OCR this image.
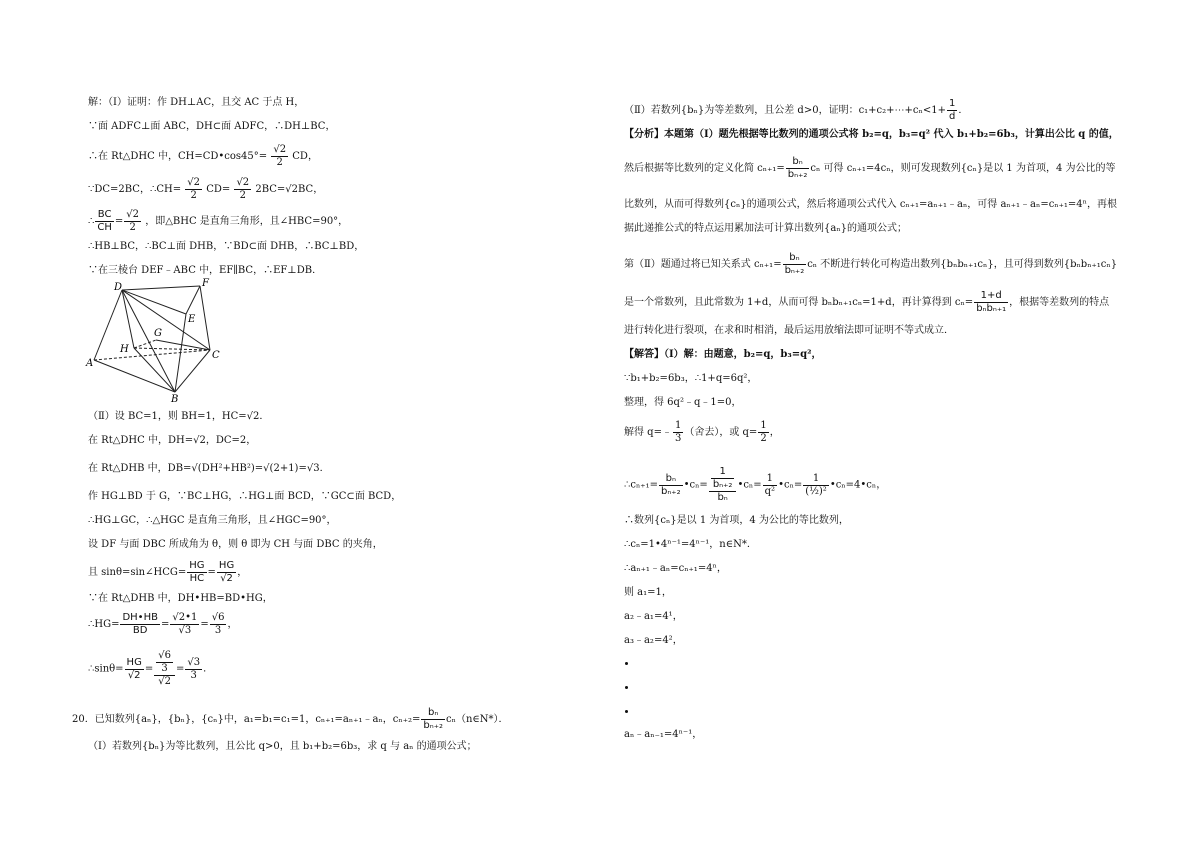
解：（Ⅰ）证明：作 DH⊥AC，且交 AC 于点 H，
∵面 ADFC⊥面 ABC，DH⊂面 ADFC，∴DH⊥BC，
∴在 Rt△DHC 中，CH=CD•cos45°= $\frac{√2}{2}$ CD，
∵DC=2BC，∴CH= $\frac{√2}{2} CD= \frac{√2}{2} 2BC=√2BC$，
∴ $\frac{BC}{CH} = \frac{√2}{2}$ ，即△BHC 是直角三角形，且∠HBC=90°，
∴HB⊥BC，∴BC⊥面 DHB，∵BD⊂面 DHB，∴BC⊥BD，
∵在三棱台 DEF﹣ABC 中，EF∥BC，∴EF⊥DB．
D	F
E
G
H
A
B
C
（Ⅱ）设 BC=1，则 BH=1，HC=√2．
在 Rt△DHC 中，DH=√2，DC=2，
在 Rt△DHB 中，DB=√(DH²+HB²)=√(2+1)=√3．
作 HG⊥BD 于 G，∵BC⊥HG，∴HG⊥面 BCD，∵GC⊂面 BCD，
∴HG⊥GC，∴△HGC 是直角三角形，且∠HGC=90°，
设 DF 与面 DBC 所成角为 θ，则 θ 即为 CH 与面 DBC 的夹角，
且 sinθ=sin∠HCG= $\frac{HG}{HC} = \frac{HG}{√2}$ ，
∵在 Rt△DHB 中，DH•HB=BD•HG，
∴HG= $\frac{DH•HB}{BD} = \frac{√2•1}{√3} = \frac{√6}{3}$ ，
∴sinθ= $\frac{HG}{√2} = \frac{\frac{√6}{3}}{√2} = \frac{√3}{3}$ ．
20．已知数列{aₙ}，{bₙ}，{cₙ}中，a₁=b₁=c₁=1，cₙ₊₁=aₙ₊₁﹣aₙ，$c_{n+2}= \frac{\text{bₙ}}{\text{bₙ₊₂}}$ cₙ（n∈N*）．
（Ⅰ）若数列{bₙ}为等比数列，且公比 q>0，且 b₁+b₂=6b₃，求 q 与 aₙ 的通项公式；
（Ⅱ）若数列{bₙ}为等差数列，且公差 d>0，证明：c₁+c₂+⋯+cₙ<1+ $\frac{1}{d}$ ．
【分析】本题第（Ⅰ）题先根据等比数列的通项公式将 b₂=q，b₃=q² 代入 b₁+b₂=6b₃，计算出公比 q 的值，
然后根据等比数列的定义化简 $c_{n+1}= \frac{\text{bₙ}}{\text{bₙ₊₂}}$ cₙ 可得 cₙ₊₁=4cₙ，则可发现数列{cₙ}是以 1 为首项，4 为公比的等
比数列，从而可得数列{cₙ}的通项公式，然后将通项公式代入 cₙ₊₁=aₙ₊₁﹣aₙ，可得 aₙ₊₁﹣aₙ=cₙ₊₁=4ⁿ，再根
据此递推公式的特点运用累加法可计算出数列{aₙ}的通项公式；
第（Ⅱ）题通过将已知关系式 $c_{n+1}= \frac{\text{bₙ}}{\text{bₙ₊₂}}$ cₙ 不断进行转化可构造出数列{bₙbₙ₊₁cₙ}，且可得到数列{bₙbₙ₊₁cₙ}
是一个常数列，且此常数为 1+d，从而可得 bₙbₙ₊₁cₙ=1+d，再计算得到 $c_n= \frac{1+d}{\text{bₙbₙ₊₁}}$ ，根据等差数列的特点
进行转化进行裂项，在求和时相消，最后运用放缩法即可证明不等式成立．
【解答】（Ⅰ）解：由题意，b₂=q，b₃=q²，
∵b₁+b₂=6b₃，∴1+q=6q²，
整理，得 6q²﹣q﹣1=0，
解得 q=﹣ $\frac{1}{3}$ （舍去），或 $q= \frac{1}{2}$ ，
∴cₙ₊₁= $\frac{\text{bₙ}}{\text{bₙ₊₂}}$ •cₙ= $\frac{\frac{1}{\text{bₙ₊₂}}}{\text{bₙ}}$ •cₙ= $\frac{1}{\text{q²}}$ •cₙ= $\frac{1}{\text{(½)²}}$ •cₙ=4•cₙ，
∴数列{cₙ}是以 1 为首项，4 为公比的等比数列，
∴cₙ=1•4ⁿ⁻¹=4ⁿ⁻¹，n∈N*．
∴aₙ₊₁﹣aₙ=cₙ₊₁=4ⁿ，
则 a₁=1，
a₂﹣a₁=4¹，
a₃﹣a₂=4²，
aₙ﹣aₙ₋₁=4ⁿ⁻¹，
